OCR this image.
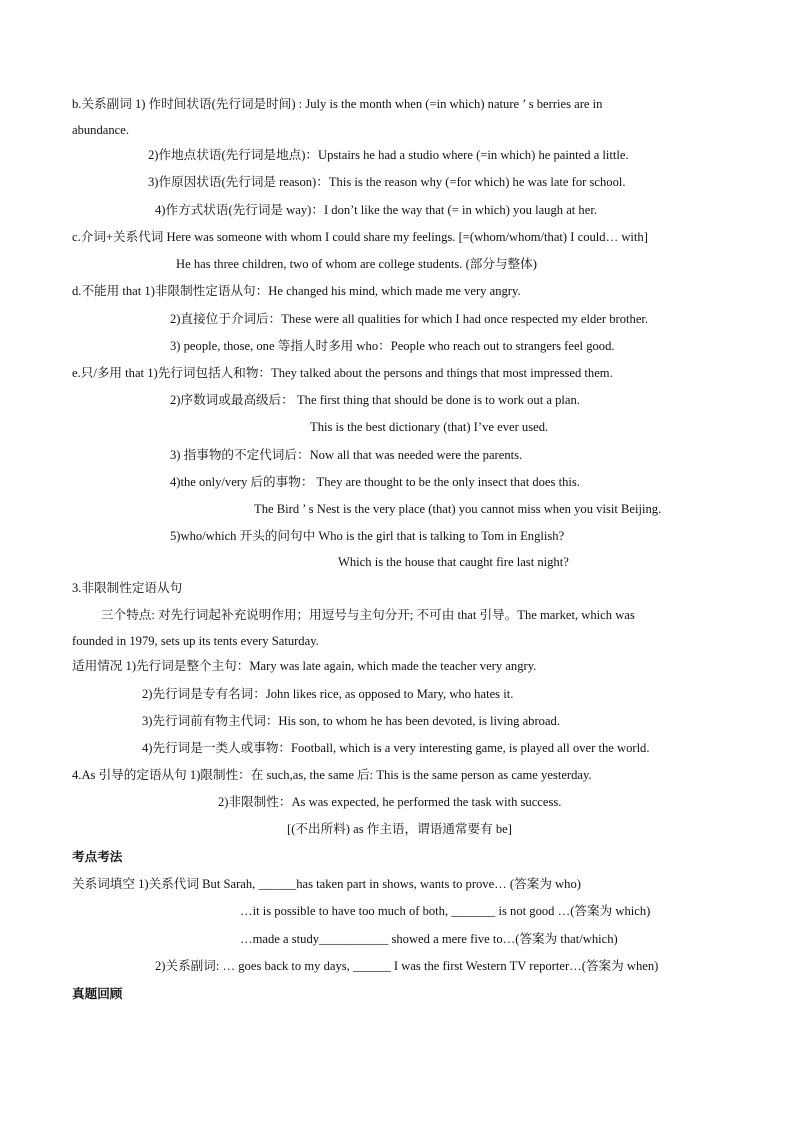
b.关系副词 1) 作时间状语(先行词是时间) : July is the month when (=in which) nature ’ s berries are in
abundance.
2)作地点状语(先行词是地点)：Upstairs he had a studio where (=in which) he painted a little.
3)作原因状语(先行词是 reason)：This is the reason why (=for which) he was late for school.
4)作方式状语(先行词是 way)：I don’t like the way that (= in which) you laugh at her.
c.介词+关系代词 Here was someone with whom I could share my feelings. [=(whom/whom/that) I could… with]
He has three children, two of whom are college students. (部分与整体)
d.不能用 that 1)非限制性定语从句：He changed his mind, which made me very angry.
2)直接位于介词后：These were all qualities for which I had once respected my elder brother.
3) people, those, one 等指人时多用 who：People who reach out to strangers feel good.
e.只/多用 that 1)先行词包括人和物：They talked about the persons and things that most impressed them.
2)序数词或最高级后： The first thing that should be done is to work out a plan.
This is the best dictionary (that) I’ve ever used.
3) 指事物的不定代词后：Now all that was needed were the parents.
4)the only/very 后的事物： They are thought to be the only insect that does this.
The Bird ’ s Nest is the very place (that) you cannot miss when you visit Beijing.
5)who/which 开头的问句中 Who is the girl that is talking to Tom in English?
Which is the house that caught fire last night?
3.非限制性定语从句
三个特点: 对先行词起补充说明作用；用逗号与主句分开; 不可由 that 引导。The market, which was
founded in 1979, sets up its tents every Saturday.
适用情况 1)先行词是整个主句：Mary was late again, which made the teacher very angry.
2)先行词是专有名词：John likes rice, as opposed to Mary, who hates it.
3)先行词前有物主代词：His son, to whom he has been devoted, is living abroad.
4)先行词是一类人或事物：Football, which is a very interesting game, is played all over the world.
4.As 引导的定语从句 1)限制性：在 such,as, the same 后: This is the same person as came yesterday.
2)非限制性：As was expected, he performed the task with success.
[(不出所料) as 作主语，谓语通常要有 be]
考点考法
关系词填空 1)关系代词 But Sarah, ______has taken part in shows, wants to prove… (答案为 who)
…it is possible to have too much of both, _______ is not good …(答案为 which)
…made a study___________ showed a mere five to…(答案为 that/which)
2)关系副词: … goes back to my days, ______ I was the first Western TV reporter…(答案为 when)
真题回顾
